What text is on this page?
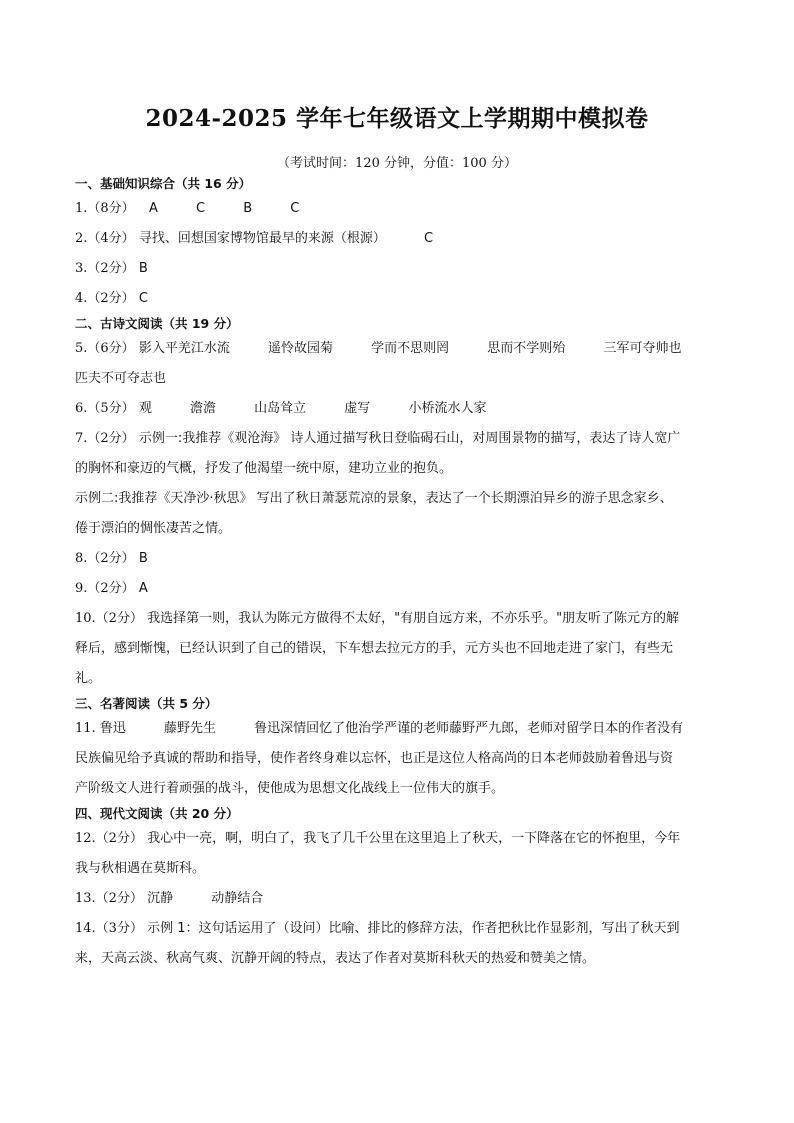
2024-2025 学年七年级语文上学期期中模拟卷
（考试时间：120 分钟，分值：100 分）
一、基础知识综合（共 16 分）
1.（8分） A	C	B	C
2.（4分） 寻找、回想国家博物馆最早的来源（根源）	C
3.（2分） B
4.（2分） C
二、古诗文阅读（共 19 分）
5.（6分） 影入平羌江水流	遥怜故园菊	学而不思则罔	思而不学则殆	三军可夺帅也
匹夫不可夺志也
6.（5分） 观	澹澹	山岛耸立	虚写	小桥流水人家
7.（2分） 示例一:我推荐《观沧海》 诗人通过描写秋日登临碣石山，对周围景物的描写，表达了诗人宽广
的胸怀和豪迈的气概，抒发了他渴望一统中原，建功立业的抱负。
示例二:我推荐《天净沙·秋思》 写出了秋日萧瑟荒凉的景象，表达了一个长期漂泊异乡的游子思念家乡、
倦于漂泊的惆怅凄苦之情。
8.（2分） B
9.（2分） A
10.（2分） 我选择第一则，我认为陈元方做得不太好，"有朋自远方来，不亦乐乎。"朋友听了陈元方的解
释后，感到惭愧，已经认识到了自己的错误，下车想去拉元方的手，元方头也不回地走进了家门，有些无
礼。
三、名著阅读（共 5 分）
11. 鲁迅	藤野先生	鲁迅深情回忆了他治学严谨的老师藤野严九郎，老师对留学日本的作者没有
民族偏见给予真诚的帮助和指导，使作者终身难以忘怀，也正是这位人格高尚的日本老师鼓励着鲁迅与资
产阶级文人进行着顽强的战斗，使他成为思想文化战线上一位伟大的旗手。
四、现代文阅读（共 20 分）
12.（2分） 我心中一亮，啊，明白了，我飞了几千公里在这里追上了秋天，一下降落在它的怀抱里，今年
我与秋相遇在莫斯科。
13.（2分） 沉静	动静结合
14.（3分） 示例 1：这句话运用了（设问）比喻、排比的修辞方法，作者把秋比作显影剂，写出了秋天到
来，天高云淡、秋高气爽、沉静开阔的特点，表达了作者对莫斯科秋天的热爱和赞美之情。
